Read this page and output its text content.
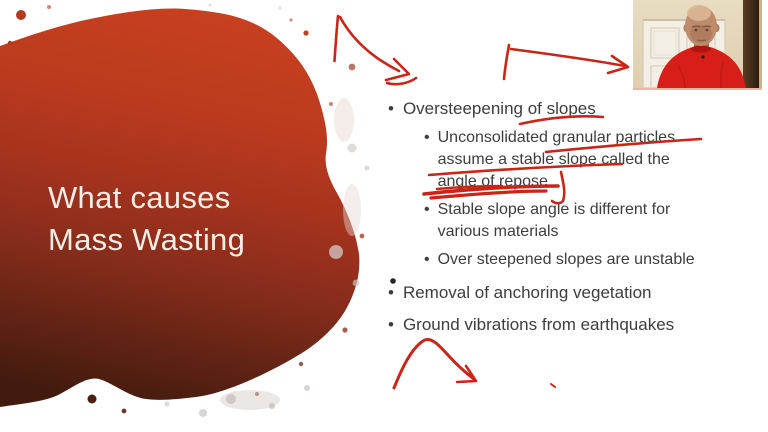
What causes
Mass Wasting
• Oversteepening of slopes
• Unconsolidated granular particles assume a stable slope called the angle of repose
• Stable slope angle is different for various materials
• Over steepened slopes are unstable
• Removal of anchoring vegetation
• Ground vibrations from earthquakes
